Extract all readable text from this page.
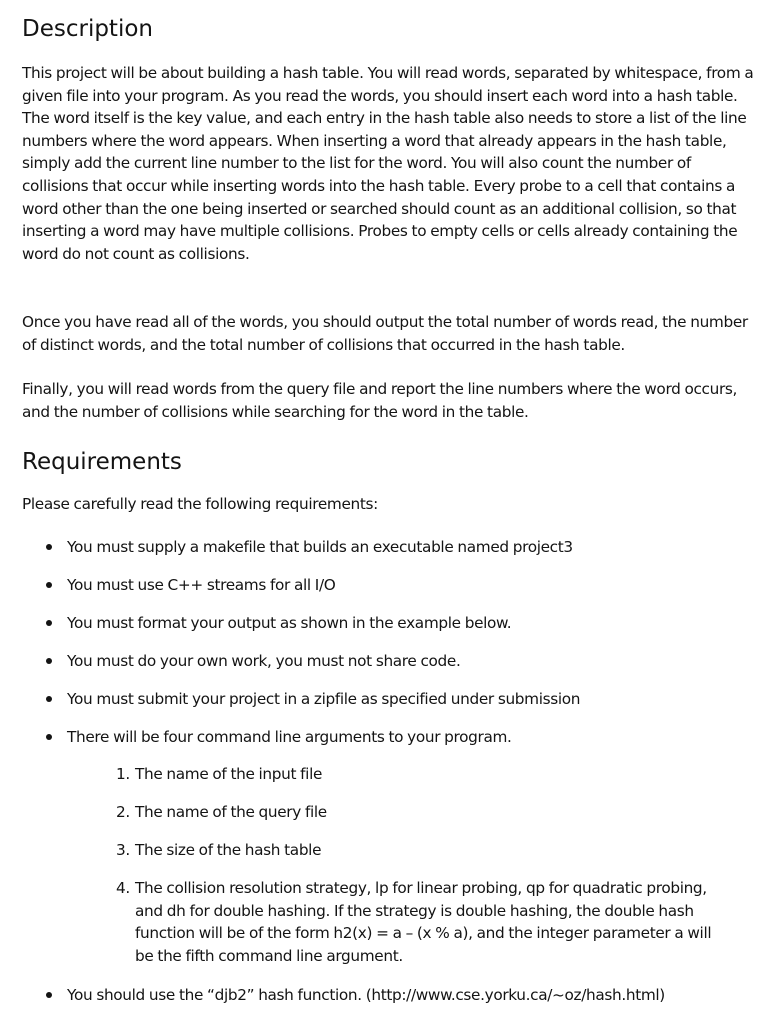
Description

This project will be about building a hash table. You will read words, separated by whitespace, from a given file into your program. As you read the words, you should insert each word into a hash table. The word itself is the key value, and each entry in the hash table also needs to store a list of the line numbers where the word appears. When inserting a word that already appears in the hash table, simply add the current line number to the list for the word. You will also count the number of collisions that occur while inserting words into the hash table. Every probe to a cell that contains a word other than the one being inserted or searched should count as an additional collision, so that inserting a word may have multiple collisions. Probes to empty cells or cells already containing the word do not count as collisions.

Once you have read all of the words, you should output the total number of words read, the number of distinct words, and the total number of collisions that occurred in the hash table.

Finally, you will read words from the query file and report the line numbers where the word occurs, and the number of collisions while searching for the word in the table.

Requirements

Please carefully read the following requirements:

You must supply a makefile that builds an executable named project3
You must use C++ streams for all I/O
You must format your output as shown in the example below.
You must do your own work, you must not share code.
You must submit your project in a zipfile as specified under submission
There will be four command line arguments to your program.
You should use the “djb2” hash function. (http://www.cse.yorku.ca/~oz/hash.html)
1. The name of the input file
2. The name of the query file
3. The size of the hash table
4. The collision resolution strategy, lp for linear probing, qp for quadratic probing, and dh for double hashing. If the strategy is double hashing, the double hash function will be of the form h2(x) = a – (x % a), and the integer parameter a will be the fifth command line argument.
